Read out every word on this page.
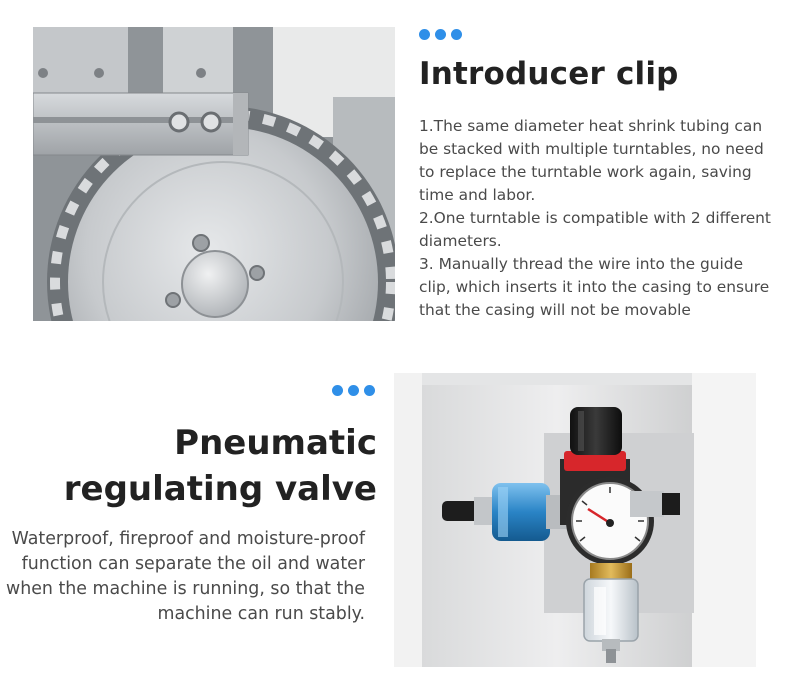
Introducer clip

1.The same diameter heat shrink tubing can be stacked with multiple turntables, no need to replace the turntable work again, saving time and labor.

2.One turntable is compatible with 2 different diameters.

3. Manually thread the wire into the guide clip, which inserts it into the casing to ensure that the casing will not be movable

Pneumatic
regulating valve

Waterproof, fireproof and moisture-proof function can separate the oil and water when the machine is running, so that the machine can run stably.
